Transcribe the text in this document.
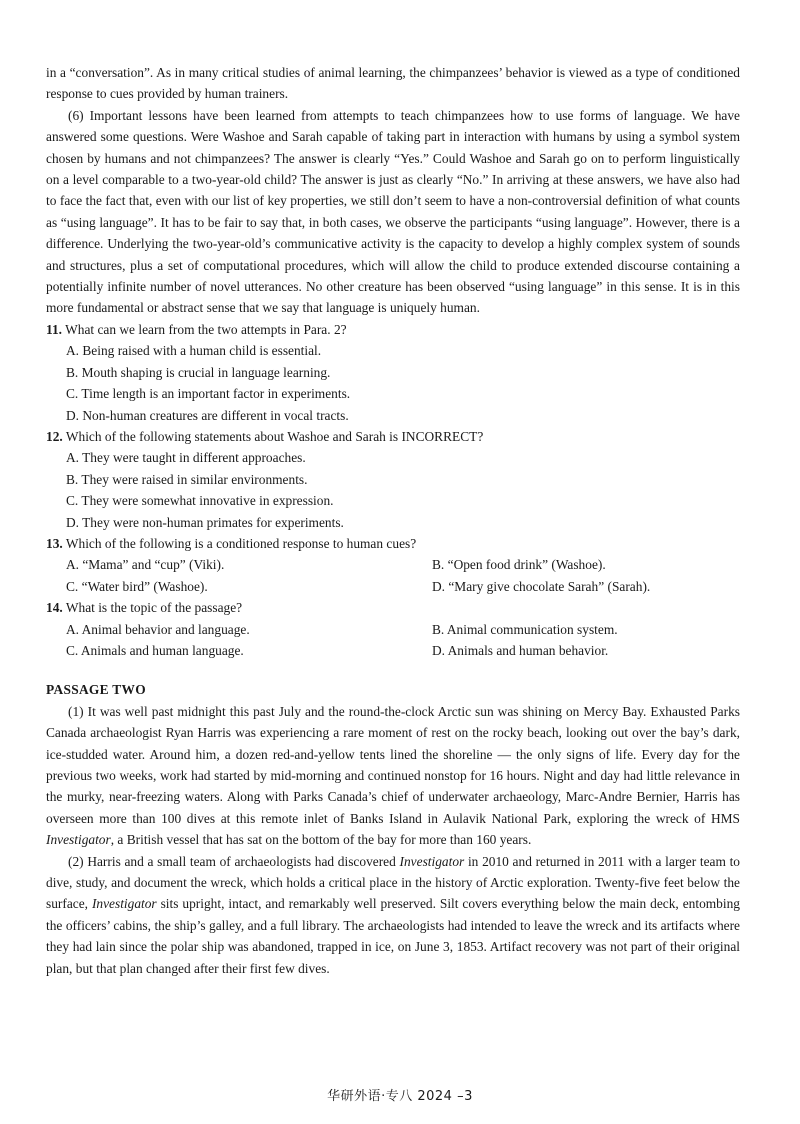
in a “conversation”. As in many critical studies of animal learning, the chimpanzees’ behavior is viewed as a type of conditioned response to cues provided by human trainers.

(6) Important lessons have been learned from attempts to teach chimpanzees how to use forms of language. We have answered some questions. Were Washoe and Sarah capable of taking part in interaction with humans by using a symbol system chosen by humans and not chimpanzees? The answer is clearly “Yes.” Could Washoe and Sarah go on to perform linguistically on a level comparable to a two-year-old child? The answer is just as clearly “No.” In arriving at these answers, we have also had to face the fact that, even with our list of key properties, we still don’t seem to have a non-controversial definition of what counts as “using language”. It has to be fair to say that, in both cases, we observe the participants “using language”. However, there is a difference. Underlying the two-year-old’s communicative activity is the capacity to develop a highly complex system of sounds and structures, plus a set of computational procedures, which will allow the child to produce extended discourse containing a potentially infinite number of novel utterances. No other creature has been observed “using language” in this sense. It is in this more fundamental or abstract sense that we say that language is uniquely human.

11. What can we learn from the two attempts in Para. 2?

A. Being raised with a human child is essential.

B. Mouth shaping is crucial in language learning.

C. Time length is an important factor in experiments.

D. Non-human creatures are different in vocal tracts.

12. Which of the following statements about Washoe and Sarah is INCORRECT?

A. They were taught in different approaches.

B. They were raised in similar environments.

C. They were somewhat innovative in expression.

D. They were non-human primates for experiments.

13. Which of the following is a conditioned response to human cues?

A. “Mama” and “cup” (Viki).	B. “Open food drink” (Washoe).
C. “Water bird” (Washoe).	D. “Mary give chocolate Sarah” (Sarah).

14. What is the topic of the passage?

A. Animal behavior and language.	B. Animal communication system.
C. Animals and human language.	D. Animals and human behavior.

PASSAGE TWO

(1) It was well past midnight this past July and the round-the-clock Arctic sun was shining on Mercy Bay. Exhausted Parks Canada archaeologist Ryan Harris was experiencing a rare moment of rest on the rocky beach, looking out over the bay’s dark, ice-studded water. Around him, a dozen red-and-yellow tents lined the shoreline — the only signs of life. Every day for the previous two weeks, work had started by mid-morning and continued nonstop for 16 hours. Night and day had little relevance in the murky, near-freezing waters. Along with Parks Canada’s chief of underwater archaeology, Marc-Andre Bernier, Harris has overseen more than 100 dives at this remote inlet of Banks Island in Aulavik National Park, exploring the wreck of HMS Investigator, a British vessel that has sat on the bottom of the bay for more than 160 years.

(2) Harris and a small team of archaeologists had discovered Investigator in 2010 and returned in 2011 with a larger team to dive, study, and document the wreck, which holds a critical place in the history of Arctic exploration. Twenty-five feet below the surface, Investigator sits upright, intact, and remarkably well preserved. Silt covers everything below the main deck, entombing the officers’ cabins, the ship’s galley, and a full library. The archaeologists had intended to leave the wreck and its artifacts where they had lain since the polar ship was abandoned, trapped in ice, on June 3, 1853. Artifact recovery was not part of their original plan, but that plan changed after their first few dives.

华研外语·专八 2024 –3
